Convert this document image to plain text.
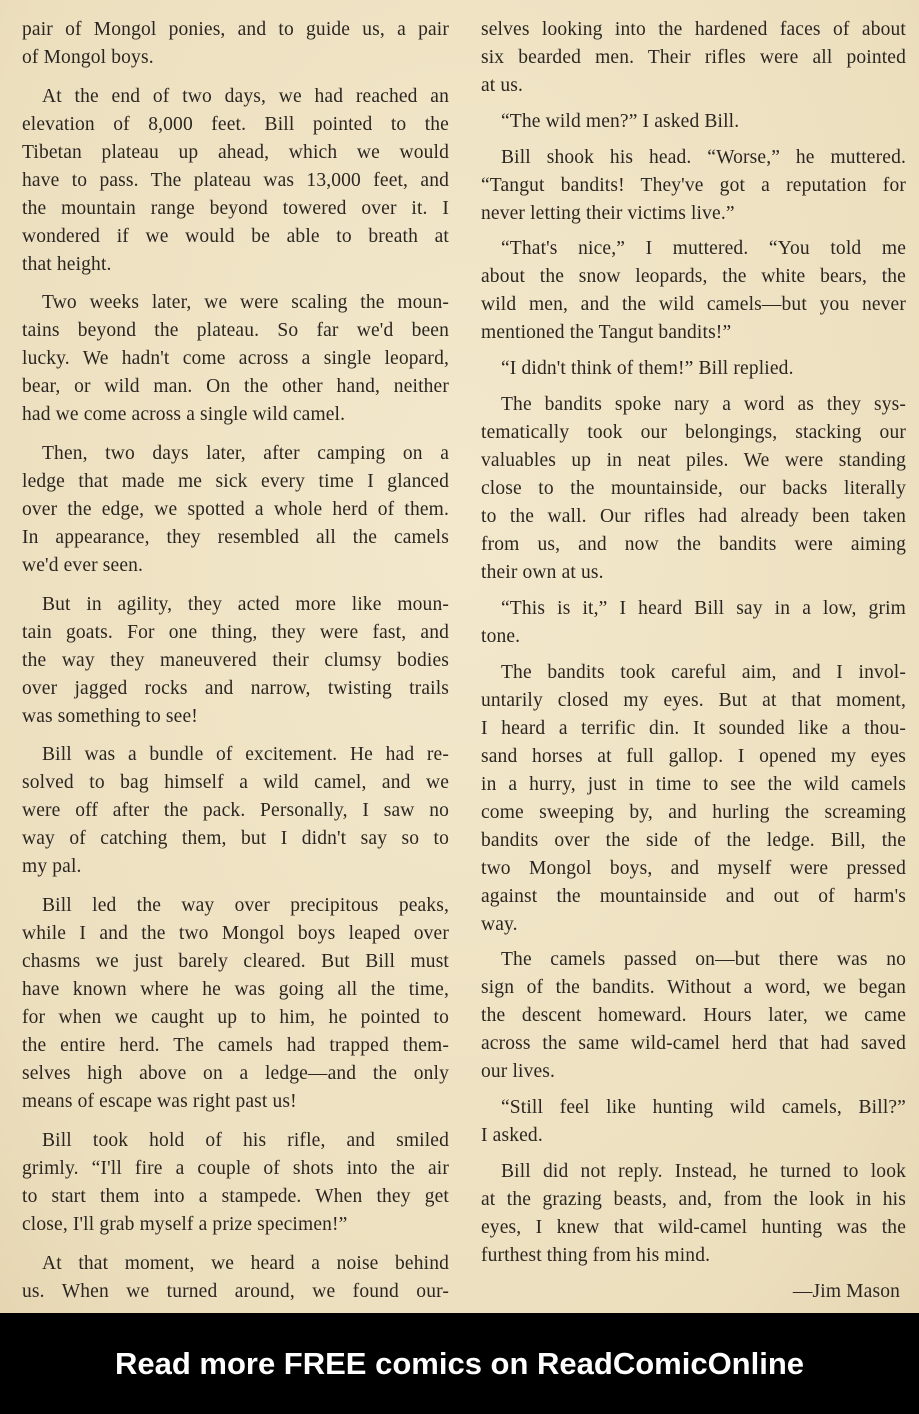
pair of Mongol ponies, and to guide us, a pair
of Mongol boys.
At the end of two days, we had reached an
elevation of 8,000 feet. Bill pointed to the
Tibetan plateau up ahead, which we would
have to pass. The plateau was 13,000 feet, and
the mountain range beyond towered over it. I
wondered if we would be able to breath at
that height.
Two weeks later, we were scaling the moun-
tains beyond the plateau. So far we'd been
lucky. We hadn't come across a single leopard,
bear, or wild man. On the other hand, neither
had we come across a single wild camel.
Then, two days later, after camping on a
ledge that made me sick every time I glanced
over the edge, we spotted a whole herd of them.
In appearance, they resembled all the camels
we'd ever seen.
But in agility, they acted more like moun-
tain goats. For one thing, they were fast, and
the way they maneuvered their clumsy bodies
over jagged rocks and narrow, twisting trails
was something to see!
Bill was a bundle of excitement. He had re-
solved to bag himself a wild camel, and we
were off after the pack. Personally, I saw no
way of catching them, but I didn't say so to
my pal.
Bill led the way over precipitous peaks,
while I and the two Mongol boys leaped over
chasms we just barely cleared. But Bill must
have known where he was going all the time,
for when we caught up to him, he pointed to
the entire herd. The camels had trapped them-
selves high above on a ledge—and the only
means of escape was right past us!
Bill took hold of his rifle, and smiled
grimly. “I'll fire a couple of shots into the air
to start them into a stampede. When they get
close, I'll grab myself a prize specimen!”
At that moment, we heard a noise behind
us. When we turned around, we found our-
selves looking into the hardened faces of about
six bearded men. Their rifles were all pointed
at us.
“The wild men?” I asked Bill.
Bill shook his head. “Worse,” he muttered.
“Tangut bandits! They've got a reputation for
never letting their victims live.”
“That's nice,” I muttered. “You told me
about the snow leopards, the white bears, the
wild men, and the wild camels—but you never
mentioned the Tangut bandits!”
“I didn't think of them!” Bill replied.
The bandits spoke nary a word as they sys-
tematically took our belongings, stacking our
valuables up in neat piles. We were standing
close to the mountainside, our backs literally
to the wall. Our rifles had already been taken
from us, and now the bandits were aiming
their own at us.
“This is it,” I heard Bill say in a low, grim
tone.
The bandits took careful aim, and I invol-
untarily closed my eyes. But at that moment,
I heard a terrific din. It sounded like a thou-
sand horses at full gallop. I opened my eyes
in a hurry, just in time to see the wild camels
come sweeping by, and hurling the screaming
bandits over the side of the ledge. Bill, the
two Mongol boys, and myself were pressed
against the mountainside and out of harm's
way.
The camels passed on—but there was no
sign of the bandits. Without a word, we began
the descent homeward. Hours later, we came
across the same wild-camel herd that had saved
our lives.
“Still feel like hunting wild camels, Bill?”
I asked.
Bill did not reply. Instead, he turned to look
at the grazing beasts, and, from the look in his
eyes, I knew that wild-camel hunting was the
furthest thing from his mind.
—Jim Mason
Read more FREE comics on ReadComicOnline
